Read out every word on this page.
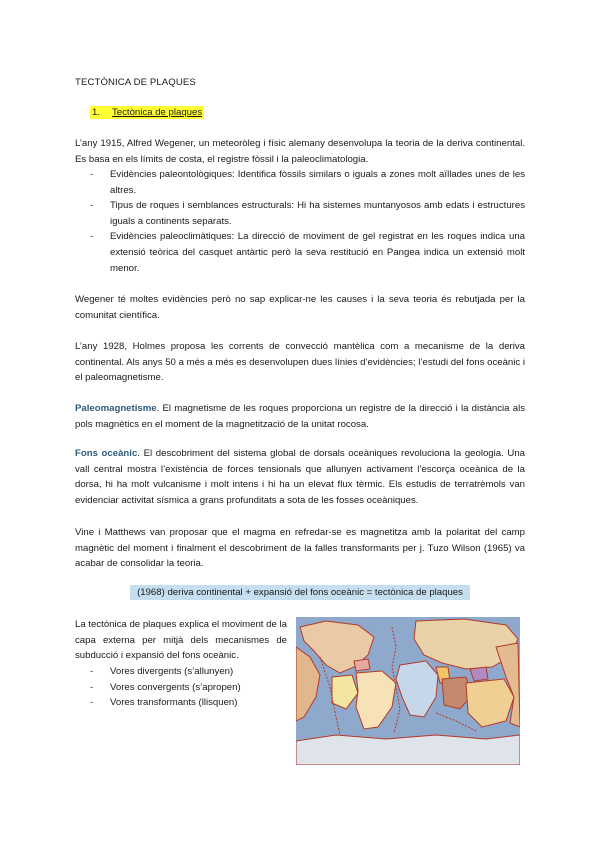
TECTÒNICA DE PLAQUES
1. Tectònica de plaques
L’any 1915, Alfred Wegener, un meteoròleg i físic alemany desenvolupa la teoria de la deriva continental. Es basa en els límits de costa, el registre fòssil i la paleoclimatologia.
- Evidències paleontològiques: Identifica fòssils similars o iguals a zones molt aïllades unes de les altres.
- Tipus de roques i semblances estructurals: Hi ha sistemes muntanyosos amb edats i estructures iguals a continents separats.
- Evidències paleoclimàtiques: La direcció de moviment de gel registrat en les roques indica una extensió teòrica del casquet antàrtic però la seva restitució en Pangea indica un extensió molt menor.
Wegener té moltes evidències però no sap explicar-ne les causes i la seva teoria és rebutjada per la comunitat científica.
L’any 1928, Holmes proposa les corrents de convecció mantèlica com a mecanisme de la deriva continental. Als anys 50 a més a més es desenvolupen dues línies d’evidències; l’estudi del fons oceànic i el paleomagnetisme.
Paleomagnetisme. El magnetisme de les roques proporciona un registre de la direcció i la distància als pols magnètics en el moment de la magnetització de la unitat rocosa.
Fons oceànic. El descobriment del sistema global de dorsals oceàniques revoluciona la geologia. Una vall central mostra l’existència de forces tensionals que allunyen activament l’escorça oceànica de la dorsa, hi ha molt vulcanisme i molt intens i hi ha un elevat flux tèrmic. Els estudis de terratrèmols van evidenciar activitat sísmica a grans profunditats a sota de les fosses oceàniques.
Vine i Matthews van proposar que el magma en refredar-se es magnetitza amb la polaritat del camp magnètic del moment i finalment el descobriment de la falles transformants per j. Tuzo Wilson (1965) va acabar de consolidar la teoria.
(1968) deriva continental + expansió del fons oceànic = tectònica de plaques
La tectònica de plaques explica el moviment de la capa externa per mitjà dels mecanismes de subducció i expansió del fons oceànic.
- Vores divergents (s’allunyen)
- Vores convergents (s’apropen)
- Vores transformants (llisquen)
